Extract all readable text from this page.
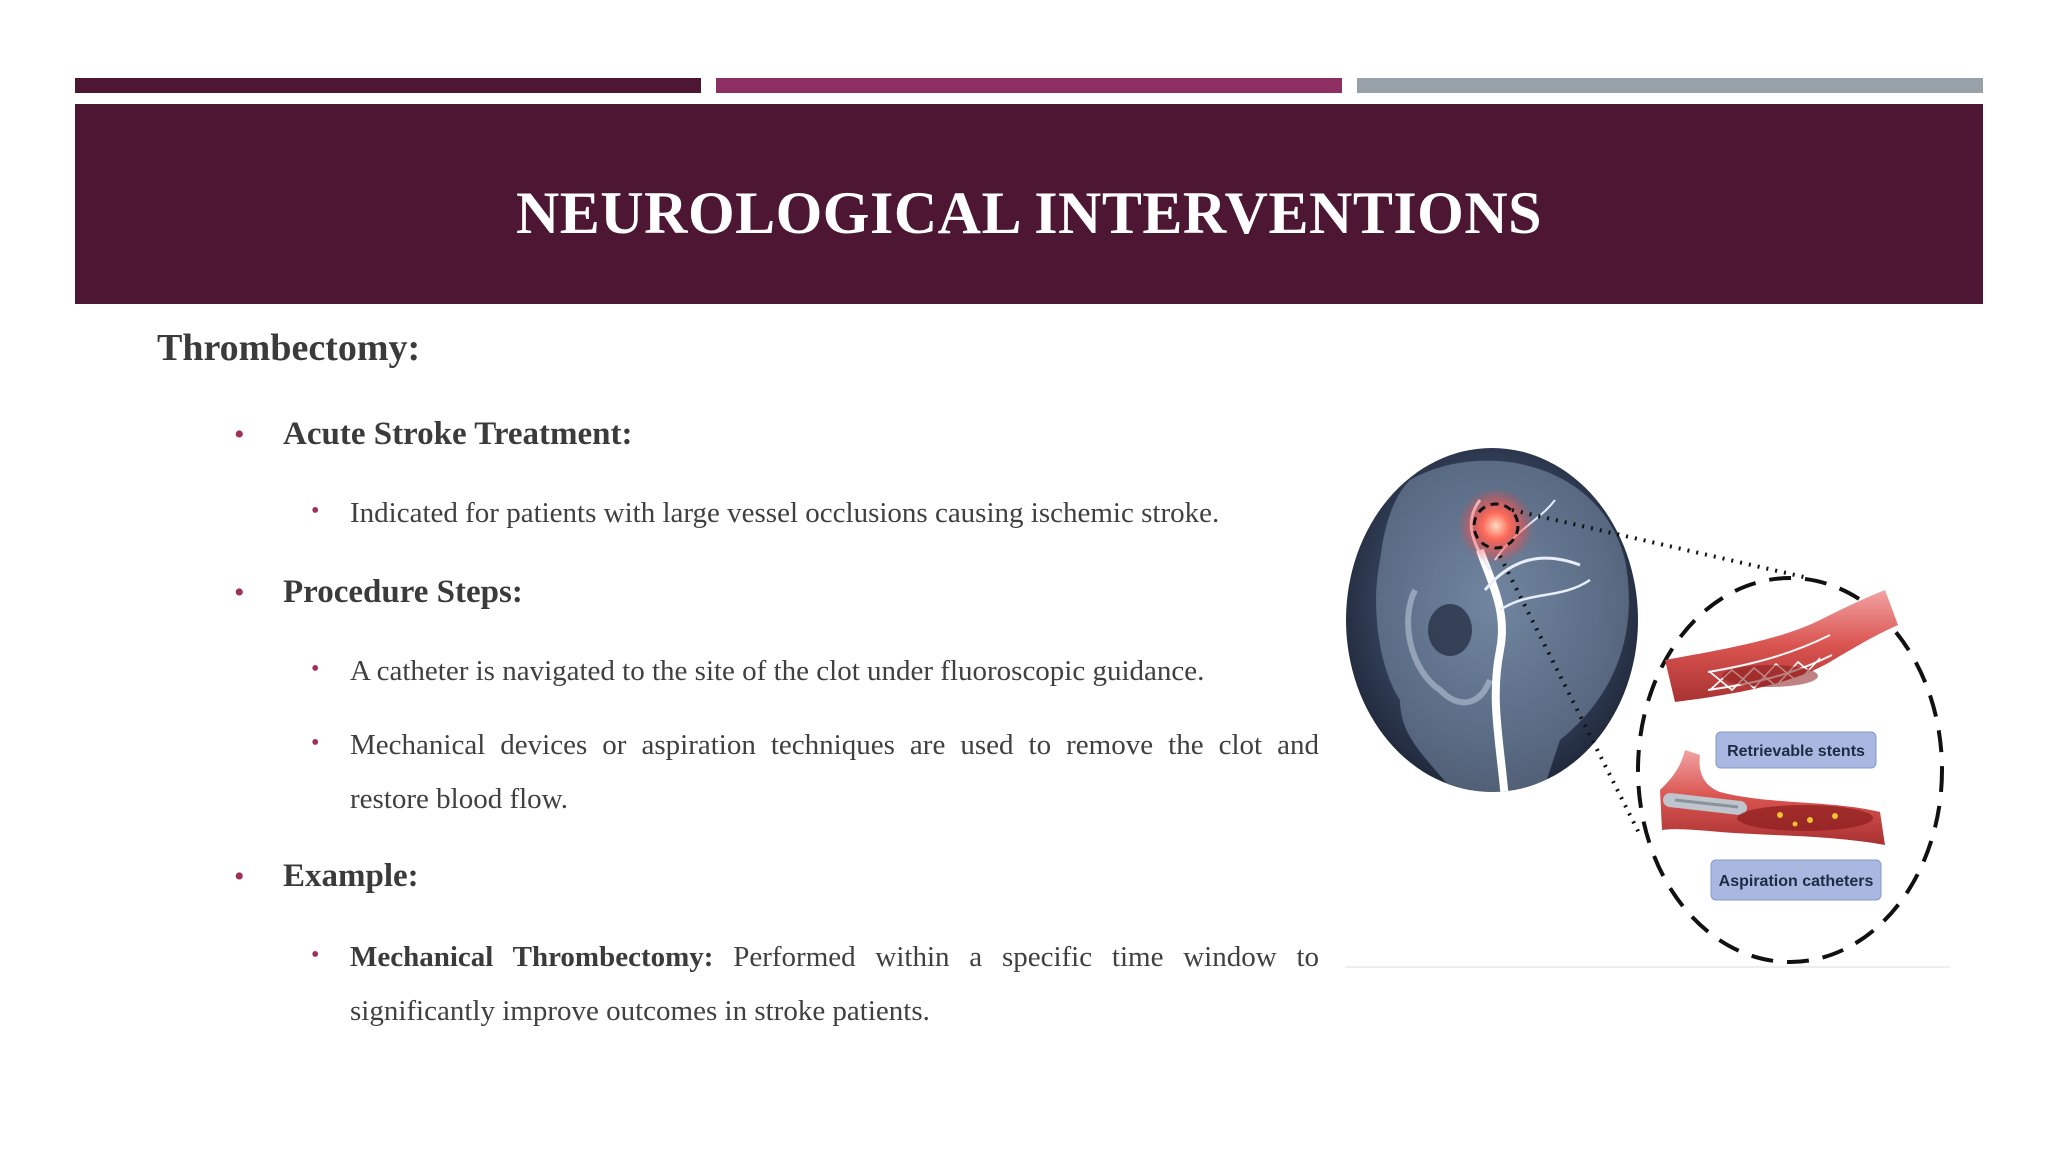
NEUROLOGICAL INTERVENTIONS
Thrombectomy:
• Acute Stroke Treatment:
• Indicated for patients with large vessel occlusions causing ischemic stroke.
• Procedure Steps:
• A catheter is navigated to the site of the clot under fluoroscopic guidance.
• Mechanical devices or aspiration techniques are used to remove the clot and restore blood flow.
• Example:
• Mechanical Thrombectomy: Performed within a specific time window to significantly improve outcomes in stroke patients.
Retrievable stents
Aspiration catheters
